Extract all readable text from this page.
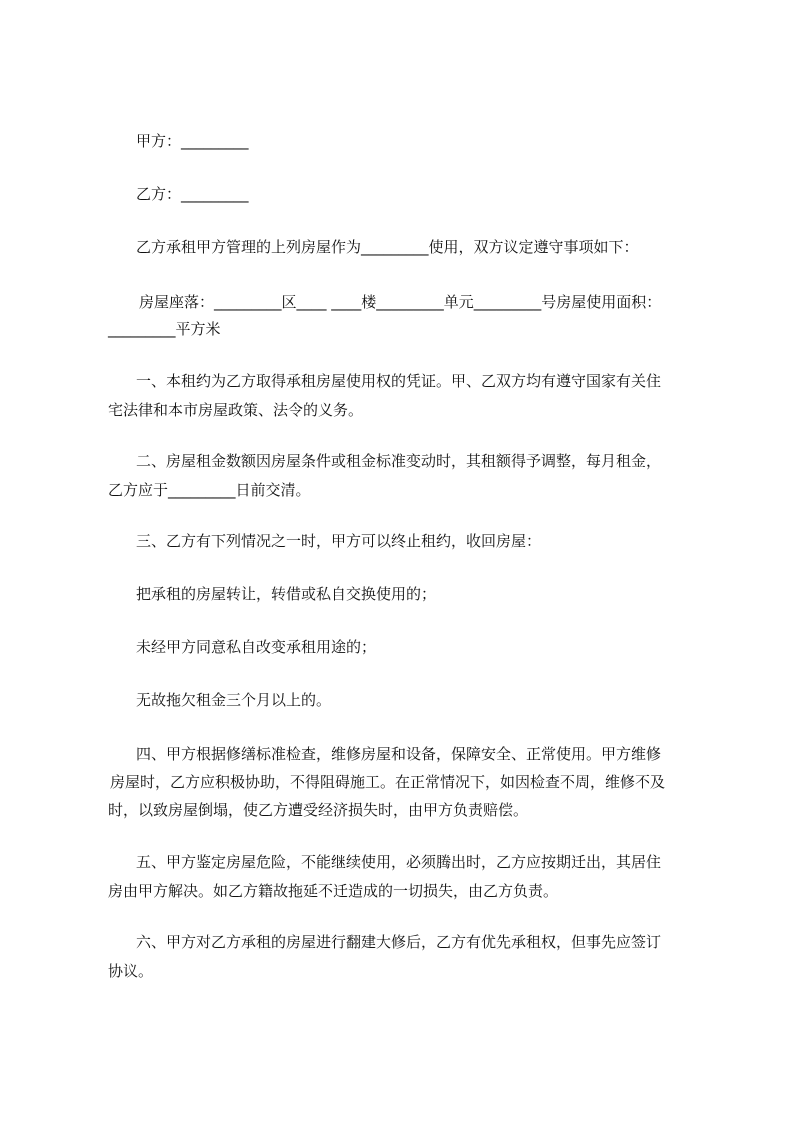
甲方：_________

乙方：_________

乙方承租甲方管理的上列房屋作为_________使用，双方议定遵守事项如下：

房屋座落：_________区____ ____楼_________单元_________号房屋使用面积：
_________平方米

一、本租约为乙方取得承租房屋使用权的凭证。甲、乙双方均有遵守国家有关住
宅法律和本市房屋政策、法令的义务。

二、房屋租金数额因房屋条件或租金标准变动时，其租额得予调整，每月租金，
乙方应于_________日前交清。

三、乙方有下列情况之一时，甲方可以终止租约，收回房屋：

把承租的房屋转让，转借或私自交换使用的；

未经甲方同意私自改变承租用途的；

无故拖欠租金三个月以上的。

四、甲方根据修缮标准检查，维修房屋和设备，保障安全、正常使用。甲方维修
房屋时，乙方应积极协助，不得阻碍施工。在正常情况下，如因检查不周，维修不及
时，以致房屋倒塌，使乙方遭受经济损失时，由甲方负责赔偿。

五、甲方鉴定房屋危险，不能继续使用，必须腾出时，乙方应按期迁出，其居住
房由甲方解决。如乙方籍故拖延不迁造成的一切损失，由乙方负责。

六、甲方对乙方承租的房屋进行翻建大修后，乙方有优先承租权，但事先应签订
协议。
